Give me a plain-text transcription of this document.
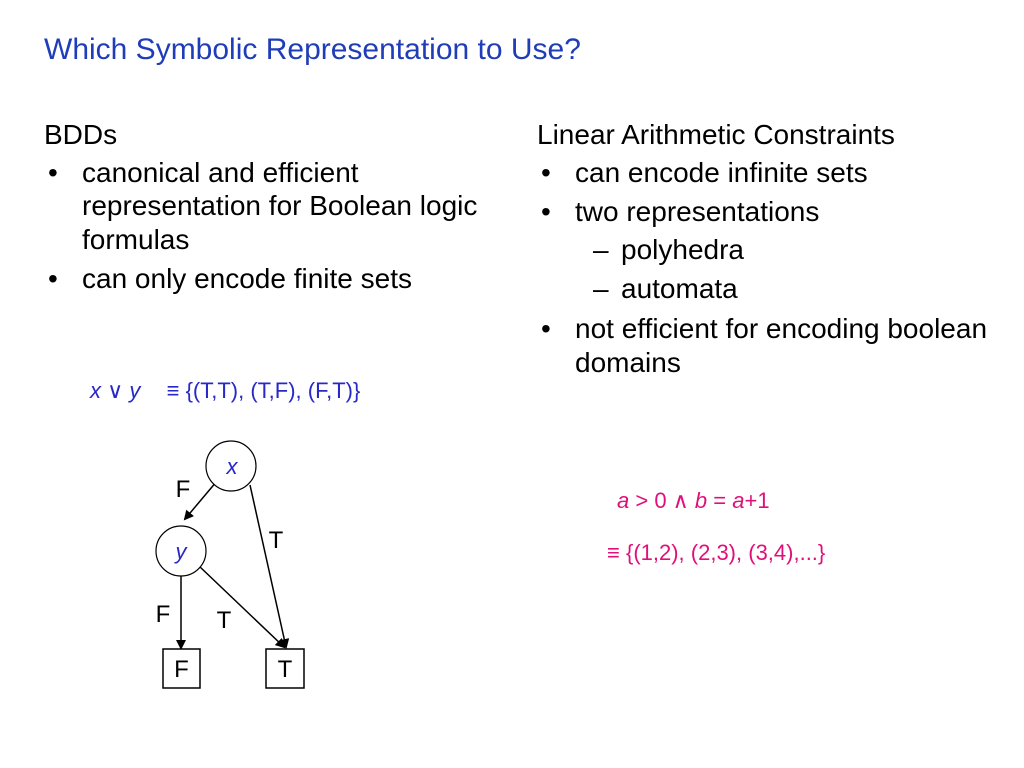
Which Symbolic Representation to Use?
BDDs
• canonical and efficient representation for Boolean logic formulas
• can only encode finite sets
Linear Arithmetic Constraints
• can encode infinite sets
• two representations
– polyhedra
– automata
• not efficient for encoding boolean domains
x ∨ y ≡ {(T,T), (T,F), (F,T)}
a > 0 ∧ b = a+1
≡ {(1,2), (2,3), (3,4),...}
x
y
F	T
F
T
F T
